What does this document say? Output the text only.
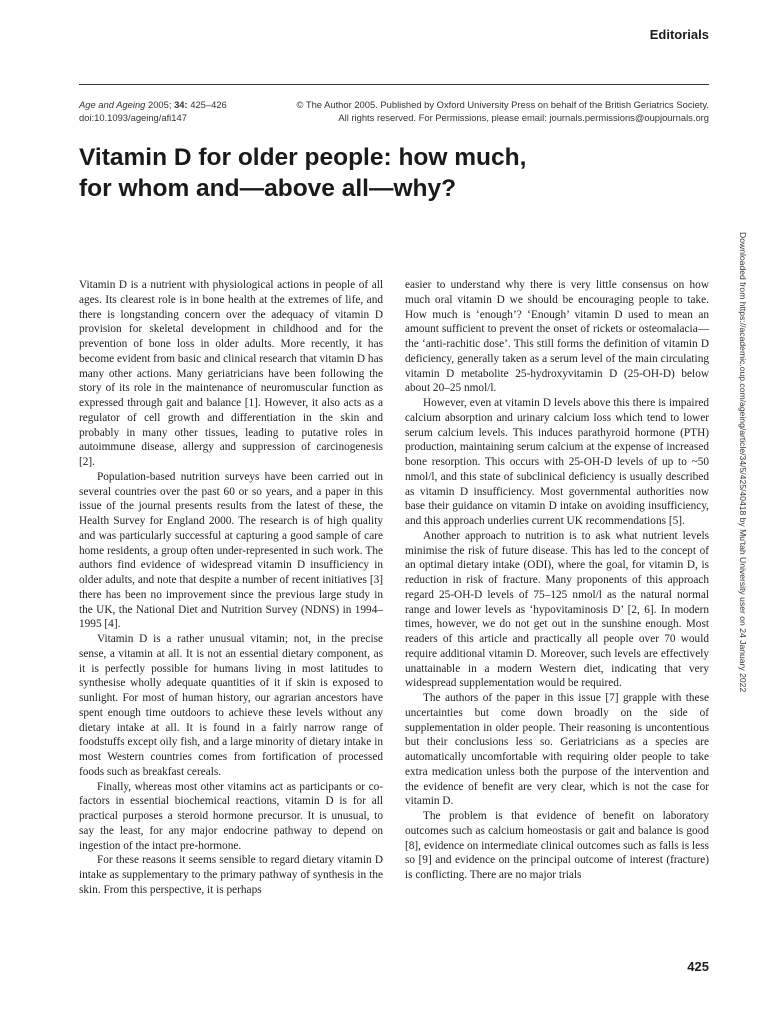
Editorials
Age and Ageing 2005; 34: 425–426
doi:10.1093/ageing/afi147
© The Author 2005. Published by Oxford University Press on behalf of the British Geriatrics Society.
All rights reserved. For Permissions, please email: journals.permissions@oupjournals.org
Vitamin D for older people: how much,
for whom and—above all—why?

Vitamin D is a nutrient with physiological actions in people of all ages. Its clearest role is in bone health at the extremes of life, and there is longstanding concern over the adequacy of vitamin D provision for skeletal development in childhood and for the prevention of bone loss in older adults. More recently, it has become evident from basic and clinical research that vitamin D has many other actions. Many geriatricians have been following the story of its role in the maintenance of neuromuscular function as expressed through gait and balance [1]. However, it also acts as a regulator of cell growth and differentiation in the skin and probably in many other tissues, leading to putative roles in autoimmune disease, allergy and suppression of carcinogenesis [2].

Population-based nutrition surveys have been carried out in several countries over the past 60 or so years, and a paper in this issue of the journal presents results from the latest of these, the Health Survey for England 2000. The research is of high quality and was particularly successful at capturing a good sample of care home residents, a group often under-represented in such work. The authors find evidence of widespread vitamin D insufficiency in older adults, and note that despite a number of recent initiatives [3] there has been no improvement since the previous large study in the UK, the National Diet and Nutrition Survey (NDNS) in 1994–1995 [4].

Vitamin D is a rather unusual vitamin; not, in the precise sense, a vitamin at all. It is not an essential dietary component, as it is perfectly possible for humans living in most latitudes to synthesise wholly adequate quantities of it if skin is exposed to sunlight. For most of human history, our agrarian ancestors have spent enough time outdoors to achieve these levels without any dietary intake at all. It is found in a fairly narrow range of foodstuffs except oily fish, and a large minority of dietary intake in most Western countries comes from fortification of processed foods such as breakfast cereals.

Finally, whereas most other vitamins act as participants or co-factors in essential biochemical reactions, vitamin D is for all practical purposes a steroid hormone precursor. It is unusual, to say the least, for any major endocrine pathway to depend on ingestion of the intact pre-hormone.

For these reasons it seems sensible to regard dietary vitamin D intake as supplementary to the primary pathway of synthesis in the skin. From this perspective, it is perhaps

easier to understand why there is very little consensus on how much oral vitamin D we should be encouraging people to take. How much is ‘enough’? ‘Enough’ vitamin D used to mean an amount sufficient to prevent the onset of rickets or osteomalacia—the ‘anti-rachitic dose’. This still forms the definition of vitamin D deficiency, generally taken as a serum level of the main circulating vitamin D metabolite 25-hydroxyvitamin D (25-OH-D) below about 20–25 nmol/l.

However, even at vitamin D levels above this there is impaired calcium absorption and urinary calcium loss which tend to lower serum calcium levels. This induces parathyroid hormone (PTH) production, maintaining serum calcium at the expense of increased bone resorption. This occurs with 25-OH-D levels of up to ~50 nmol/l, and this state of subclinical deficiency is usually described as vitamin D insufficiency. Most governmental authorities now base their guidance on vitamin D intake on avoiding insufficiency, and this approach underlies current UK recommendations [5].

Another approach to nutrition is to ask what nutrient levels minimise the risk of future disease. This has led to the concept of an optimal dietary intake (ODI), where the goal, for vitamin D, is reduction in risk of fracture. Many proponents of this approach regard 25-OH-D levels of 75–125 nmol/l as the natural normal range and lower levels as ‘hypovitaminosis D’ [2, 6]. In modern times, however, we do not get out in the sunshine enough. Most readers of this article and practically all people over 70 would require additional vitamin D. Moreover, such levels are effectively unattainable in a modern Western diet, indicating that very widespread supplementation would be required.

The authors of the paper in this issue [7] grapple with these uncertainties but come down broadly on the side of supplementation in older people. Their reasoning is uncontentious but their conclusions less so. Geriatricians as a species are automatically uncomfortable with requiring older people to take extra medication unless both the purpose of the intervention and the evidence of benefit are very clear, which is not the case for vitamin D.

The problem is that evidence of benefit on laboratory outcomes such as calcium homeostasis or gait and balance is good [8], evidence on intermediate clinical outcomes such as falls is less so [9] and evidence on the principal outcome of interest (fracture) is conflicting. There are no major trials

Downloaded from https://academic.oup.com/ageing/article/34/5/425/40418 by Mu'tah University user on 24 January 2022
425
